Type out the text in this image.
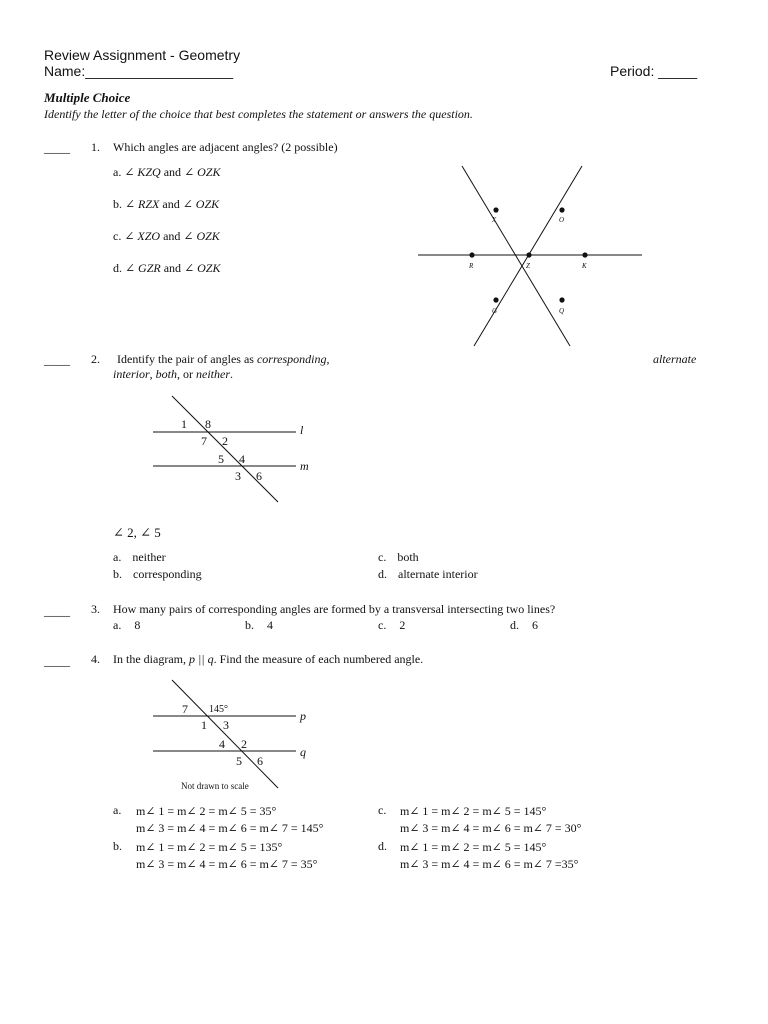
Review Assignment - Geometry
Name:___________________	Period: _____
Multiple Choice
Identify the letter of the choice that best completes the statement or answers the question.
____ 1. Which angles are adjacent angles? (2 possible)
a. ∠ KZQ and ∠ OZK
b. ∠ RZX and ∠ OZK
c. ∠ XZO and ∠ OZK
d. ∠ GZR and ∠ OZK
X	O
R	Z	K
G	Q
____ 2. Identify the pair of angles as corresponding,	alternate
interior, both, or neither.
1 8
7 2
5 4
3 6
l
m
∠ 2, ∠ 5
a. neither
b. corresponding
c. both
d. alternate interior
____ 3. How many pairs of corresponding angles are formed by a transversal intersecting two lines?
a. 8	b. 4	c. 2	d. 6
____ 4. In the diagram, p || q. Find the measure of each numbered angle.
7 145°
1 3
4 2
5 6
p
q
Not drawn to scale
a. m∠ 1 = m∠ 2 = m∠ 5 = 35°
m∠ 3 = m∠ 4 = m∠ 6 = m∠ 7 = 145°
b. m∠ 1 = m∠ 2 = m∠ 5 = 135°
m∠ 3 = m∠ 4 = m∠ 6 = m∠ 7 = 35°
c. m∠ 1 = m∠ 2 = m∠ 5 = 145°
m∠ 3 = m∠ 4 = m∠ 6 = m∠ 7 = 30°
d. m∠ 1 = m∠ 2 = m∠ 5 = 145°
m∠ 3 = m∠ 4 = m∠ 6 = m∠ 7 =35°
